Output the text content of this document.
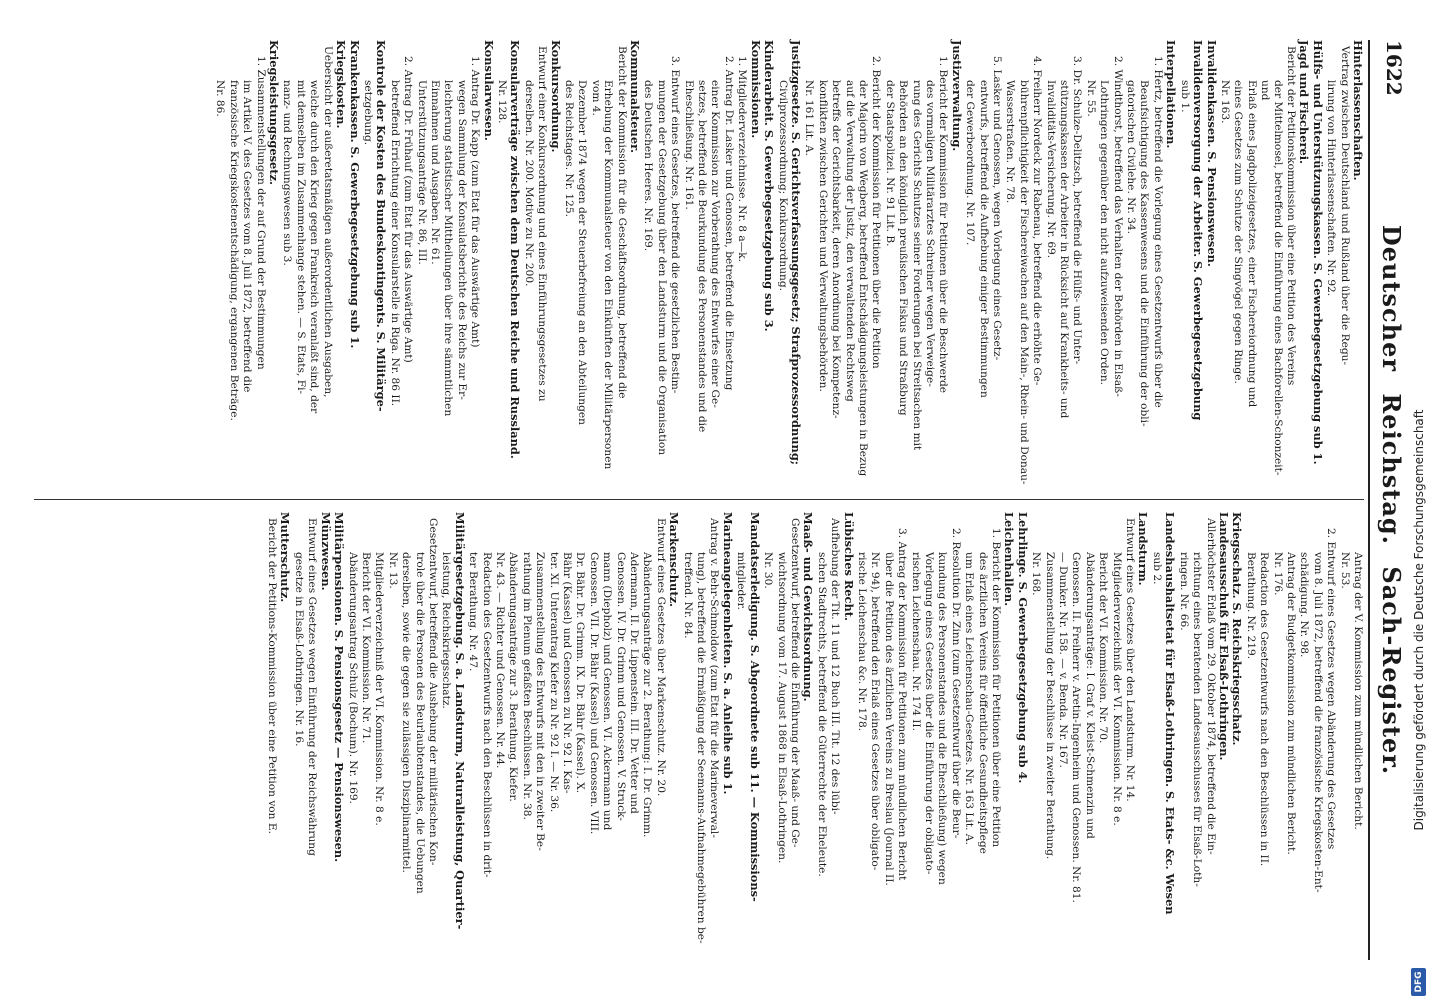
1622
Deutscher Reichstag. Sach-Register.
Hinterlassenschaften.
Vertrag zwischen Deutschland und Rußland über die Regu-
lirung von Hinterlassenschaften. Nr. 92.
Hülfs- und Unterstützungskassen. S. Gewerbegesetzgebung sub 1.
Jagd und Fischerei.
Bericht der Petitionskommission über eine Petition des Vereins
der Mittelmosel, betreffend die Einführung eines Bachforellen-Schonzeit- und
Erlaß eines Jagdpolizeigesetzes, einer Fischereiordnung und
eines Gesetzes zum Schutze der Singvögel gegen Ringe.
Nr. 163.
Invalidenkassen. S. Pensionswesen.
Invalidenversorgung der Arbeiter. S. Gewerbegesetzgebung
sub 1.
Interpellationen.
1. Hertz, betreffend die Vorlegung eines Gesetzentwurfs über die
Beaufsichtigung des Kassenwesens und die Einführung der obli-
gatorischen Civilehe. Nr. 34.
2. Windthorst, betreffend das Verhalten der Behörden in Elsaß-
Lothringen gegenüber den nicht aufzuweisenden Orden.
Nr. 55.
3. Dr. Schulze-Delitzsch, betreffend die Hülfs- und Unter-
stützungskassen der Arbeiter in Rücksicht auf Krankheits- und
Invaliditäts-Versicherung. Nr. 69.
4. Freiherr Nordeck zur Rabenau, betreffend die erhöhte Ge-
bührenpflichtigkeit der Fischereiwachen auf den Main-, Rhein- und Donau-
Wasserstraßen. Nr. 78.
5. Lasker und Genossen, wegen Vorlegung eines Gesetz-
entwurfs, betreffend die Aufhebung einiger Bestimmungen
der Gewerbeordnung. Nr. 107.
Justizverwaltung.
1. Bericht der Kommission für Petitionen über die Beschwerde
des vormaligen Militärarztes Schreiner wegen Verweige-
rung des Gerichts Schutzes seiner Forderungen bei Streitsachen mit
Behörden an den königlich preußischen Fiskus und Straßburg
der Staatspolizei. Nr. 91 Lit. B.
2. Bericht der Kommission für Petitionen über die Petition
der Majorin von Wegberg, betreffend Entschädigungsleistungen in Bezug
auf die Verwaltung der Justiz, den verwaltenden Rechtsweg
betreffs der Gerichtsbarkeit, deren Anordnung bei Kompetenz-
konflikten zwischen Gerichten und Verwaltungsbehörden.
Nr. 161 Lit. A.
Justizgesetze. S. Gerichtsverfassungsgesetz; Strafprozessordnung;
Civilprozessordnung; Konkursordnung.
Kinderarbeit. S. Gewerbegesetzgebung sub 3.
Kommissionen.
1. Mitgliederverzeichnisse. Nr. 8 a—k.
2. Antrag Dr. Lasker und Genossen, betreffend die Einsetzung
einer Kommission zur Vorberathung des Entwurfes einer Ge-
setzes, betreffend die Beurkundung des Personenstandes und die
Eheschließung. Nr. 161.
3. Entwurf eines Gesetzes, betreffend die gesetzlichen Bestim-
mungen der Gesetzgebung über den Landsturm und die Organisation
des Deutschen Heeres. Nr. 169.
Kommunalsteuer.
Bericht der Kommission für die Geschäftsordnung, betreffend die
Erhebung der Kommunalsteuer von den Einkünften der Militärpersonen vom 4.
Dezember 1874 wegen der Steuerbefreiung an den Abteilungen
des Reichstages. Nr. 125.
Konkursordnung.
Entwurf einer Konkursordnung und eines Einführungsgesetzes zu
derselben. Nr. 200. Motive zu Nr. 200.
Konsularverträge zwischen dem Deutschen Reiche und Russland.
Nr. 128.
Konsularwesen.
1. Antrag Dr. Kapp (zum Etat für das Auswärtige Amt)
wegen Sammlung der Konsulatsberichte des Reichs zur Er-
leichterung statistischer Mittheilungen über ihre sämmtlichen
Einnahmen und Ausgaben. Nr. 61.
Unterstützungsanträge Nr. 86, III.
2. Antrag Dr. Frühauf (zum Etat für das Auswärtige Amt)
betreffend Errichtung einer Konsularstelle in Riga. Nr. 86 II.
Kontrole der Kosten des Bundeskontingents. S. Militärge-
setzgebung.
Krankenkassen. S. Gewerbegesetzgebung sub 1.
Kriegskosten.
Uebersicht der außeretatsmäßigen außerordentlichen Ausgaben,
welche durch den Krieg gegen Frankreich veranlaßt sind, der
mit demselben im Zusammenhange stehen. — S. Etats, Fi-
nanz- und Rechnungswesen sub 3.
Kriegsleistungsgesetz.
1. Zusammenstellungen der auf Grund der Bestimmungen
im Artikel V. des Gesetzes vom 8. Juli 1872, betreffend die
französische Kriegskostenentschädigung, ergangenen Beträge.
Nr. 86.
Antrag der V. Kommission zum mündlichen Bericht.
Nr. 53.
2. Entwurf eines Gesetzes wegen Abänderung des Gesetzes
vom 8. Juli 1872, betreffend die französische Kriegskosten-Ent-
schädigung. Nr. 98.
Antrag der Budgetkommission zum mündlichen Bericht.
Nr. 176.
Redaction des Gesetzentwurfs nach den Beschlüssen in II.
Berathung. Nr. 219.
Kriegsschatz. S. Reichskriegsschatz.
Landesausschuß für Elsaß-Lothringen.
Allerhöchster Erlaß vom 29. Oktober 1874, betreffend die Ein-
richtung eines beratenden Landesausschusses für Elsaß-Loth-
ringen. Nr. 66.
Landeshaushaltsetat für Elsaß-Lothringen. S. Etats- &c. Wesen
sub 2.
Landsturm.
Entwurf eines Gesetzes über den Landsturm. Nr. 14.
Mitgliederverzeichniß der VI. Kommission. Nr. 8 e.
Bericht der VI. Kommission. Nr. 70.
Abänderungsanträge: I. Graf v. Kleist-Schmenzin und
Genossen. II. Freiherr v. Aretin-Ingenheim und Genossen. Nr. 81.
— Dunker. Nr. 158. — v. Benda. Nr. 167.
Zusammenstellung der Beschlüsse in zweiter Berathung.
Nr. 168.
Lehrlinge. S. Gewerbegesetzgebung sub 4.
Leichenhallen.
1. Bericht der Kommission für Petitionen über eine Petition
des ärztlichen Vereins für öffentliche Gesundheitspflege
um Erlaß eines Leichenschau-Gesetzes. Nr. 163 Lit. A.
2. Resolution Dr. Zinn (zum Gesetzentwurf über die Beur-
kundung des Personenstandes und die Eheschließung) wegen
Vorlegung eines Gesetzes über die Einführung der obligato-
rischen Leichenschau. Nr. 174 II.
3. Antrag der Kommission für Petitionen zum mündlichen Bericht
über die Petition des ärztlichen Vereins zu Breslau (Journal II.
Nr. 94), betreffend den Erlaß eines Gesetzes über obligato-
rische Leichenschau &c. Nr. 178.
Lübisches Recht.
Aufhebung der Tit. 11 und 12 Buch III. Tit. 12 des lübi-
schen Stadtrechts, betreffend die Güterrechte der Eheleute.
Maaß- und Gewichtsordnung.
Gesetzentwurf, betreffend die Einführung der Maaß- und Ge-
wichtsordnung vom 17. August 1868 in Elsaß-Lothringen.
Nr. 30.
Mandatserledigung. S. Abgeordnete sub 11. — Kommissions-
mitglieder.
Marineangelegenheiten. S. a. Anleihe sub 1.
Antrag v. Behr-Schmoldow (zum Etat für die Marineverwal-
tung), betreffend die Ermäßigung der Seemanns-Aufnahmegebühren be-
treffend. Nr. 84.
Markenschutz.
Entwurf eines Gesetzes über Markenschutz. Nr. 20.
Abänderungsanträge zur 2. Berathung: I. Dr. Grimm.
Adermann, II. Dr. Lippenstein. III. Dr. Vetter und
Genossen. IV. Dr. Grimm und Genossen. V. Struck-
mann (Diepholz) und Genossen. VI. Ackermann und
Genossen. VII. Dr. Bähr (Kassel) und Genossen. VIII.
Dr. Bähr. Dr. Grimm. IX. Dr. Bähr (Kassel). X.
Bähr (Kassel) und Genossen zu Nr. 92 I. Kas-
ter. XI. Unterantrag Kiefer zu Nr. 92 I. — Nr. 36.
Zusammenstellung des Entwurfs mit den in zweiter Be-
rathung im Plenum gefaßten Beschlüssen. Nr. 38.
Abänderungsanträge zur 3. Berathung. Kiefer.
Nr. 43. — Richter und Genossen. Nr. 44.
Redaction des Gesetzentwurfs nach den Beschlüssen in drit-
ter Berathung. Nr. 47.
Militärgesetzgebung. S. a. Landsturm, Naturalleistung, Quartier-
leistung, Reichskriegsschatz.
Gesetzentwurf, betreffend die Aushebung der militärischen Kon-
trole über die Personen des Beurlaubtenstandes, die Uebungen
derselben, sowie die gegen sie zulässigen Disziplinarmittel.
Nr. 13.
Mitgliederverzeichniß der VI. Kommission. Nr. 8 e.
Bericht der VI. Kommission. Nr. 71.
Abänderungsantrag Schulz (Bochum). Nr. 169.
Militärpensionen. S. Pensionsgesetz — Pensionswesen.
Münzwesen.
Entwurf eines Gesetzes wegen Einführung der Reichswährung
gesetze in Elsaß-Lothringen. Nr. 16.
Mutterschutz.
Bericht der Petitions-Kommission über eine Petition von E.	Digitalisierung gefördert durch die Deutsche Forschungsgemeinschaft
DFG
